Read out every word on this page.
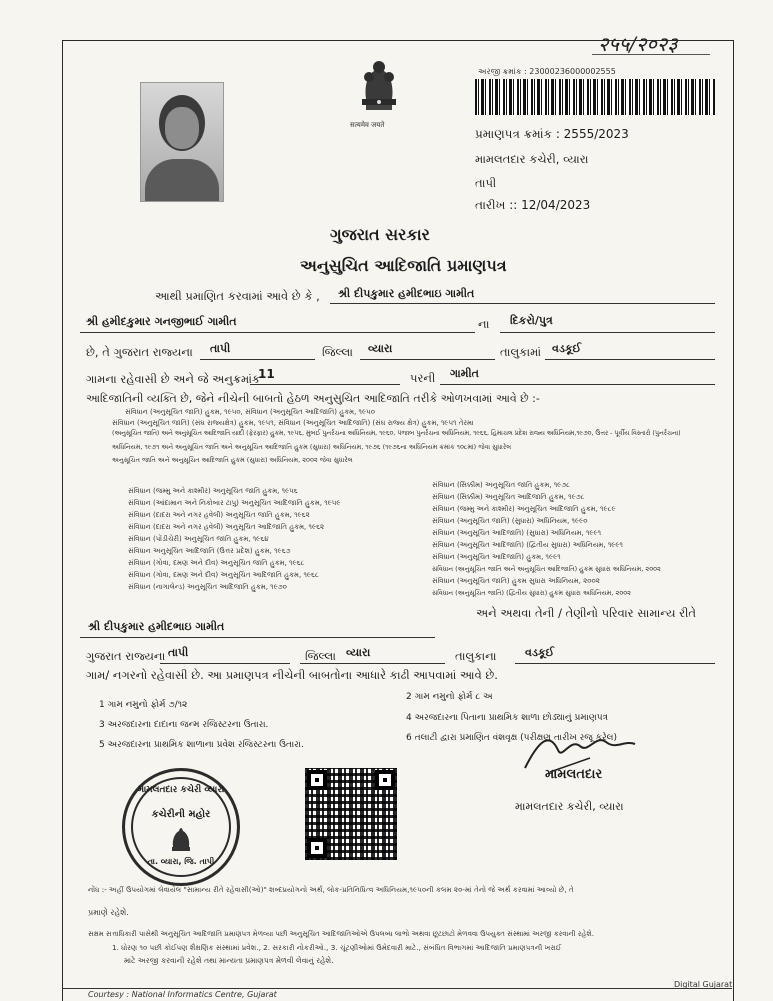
२५५/२०२३
सत्यमेव जयते
અરજી ક્રમાંક : 23000236000002555
પ્રમાણપત્ર ક્રમાંક : 2555/2023
મામલતદાર કચેરી, વ્યારા
તાપી
તારીખ :: 12/04/2023
ગુજરાત સરકાર
અનુસુચિત આદિજાતિ પ્રમાણપત્ર
આથી પ્રમાણિત કરવામાં આવે છે કે , શ્રી દીપકુમાર હમીદભાઇ ગામીત
શ્રી હમીદકુમાર ગનજીભાઈ ગામીત	ના દિકરો/પુત્ર
છે, તે ગુજરાત રાજ્યના તાપી	જિલ્લા વ્યારા	તાલુકામાં વડકૂઈ
ગામના રહેવાસી છે અને જે અનુક્રમાંક
11	પરની ગામીત
આદિજાતિની વ્યક્તિ છે, જેને નીચેની બાબતો હેઠળ અનુસુચિત આદિજાતિ તરીકે ઓળખવામાં આવે છે :-
સંવિધાન (અનુસૂચિત જાતિ) હુકમ, ૧૯૫૦, સંવિધાન (અનુસૂચિત આદિજાતિ) હુકમ, ૧૯૫૦
સંવિધાન (અનુસૂચિત જાતિ) (સંઘ રાજ્યક્ષેત્ર) હુકમ, ૧૯૫૧, સંવિધાન (અનુસૂચિત આદિજાતિ) (સંઘ રાજ્ય ક્ષેત્ર) હુકમ, ૧૯૫૧ તેરમા
(અનુસૂચિત જાતિ) અને અનુસૂચિત આદિજાતિ યાદી (ફેરફાર) હુકમ, ૧૯૫૬, મુંબઈ પુનર્રચના અધિનિયમ, ૧૯૬૦, પંજાબ પુનર્રચના અધિનિયમ, ૧૯૬૬, હિમાચલ પ્રદેશ રાજ્ય અધિનિયમ,૧૯૭૦, ઉત્તર - પૂર્વીય વિસ્તારો (પુનર્રચના)
અધિનિયમ, ૧૯૭૧ અને અનુસૂચિત જાતિ અને અનુસૂચિત આદિજાતિ હુકમ (સુધારા) અધિનિયમ, ૧૯૭૬ (૧૯૭૬ના અધિનિયમ ક્રમાંક ૧૦૮માં) જેવા સુધારેલ
અનુસૂચિત જાતિ અને અનુસૂચિત આદિજાતિ હુકમ (સુધારા) અધિનિયમ, ૨૦૦૨ જેવા સુધારેલ
સંવિધાન (જમ્મુ અને કાશ્મીર) અનુસૂચિત જાતિ હુકમ, ૧૯૫૬
સંવિધાન (આંદામાન અને નિકોબાર ટાપુ) અનુસૂચિત આદિજાતિ હુકમ, ૧૯૫૯
સંવિધાન (દાદરા અને નગર હવેલી) અનુસૂચિત જાતિ હુકમ, ૧૯૬૨
સંવિધાન (દાદરા અને નગર હવેલી) અનુસૂચિત આદિજાતિ હુકમ, ૧૯૬૨
સંવિધાન (પોંડીચેરી) અનુસૂચિત જાતિ હુકમ, ૧૯૬૪
સંવિધાન અનુસૂચિત આદિજાતિ (ઉત્તર પ્રદેશ) હુકમ, ૧૯૬૭
સંવિધાન (ગોવા, દમણ અને દીવ) અનુસૂચિત જાતિ હુકમ, ૧૯૬૮
સંવિધાન (ગોવા, દમણ અને દીવ) અનુસૂચિત આદિજાતિ હુકમ, ૧૯૬૮
સંવિધાન (નાગાલેન્ડ) અનુસૂચિત આદિજાતિ હુકમ, ૧૯૭૦
સંવિધાન (સિક્કીમ) અનુસૂચિત જાતિ હુકમ, ૧૯૭૮
સંવિધાન (સિક્કીમ) અનુસૂચિત આદિજાતિ હુકમ, ૧૯૭૮
સંવિધાન (જમ્મુ અને કાશ્મીર) અનુસૂચિત આદિજાતિ હુકમ, ૧૯૮૯
સંવિધાન (અનુસૂચિત જાતિ) (સુધારા) અધિનિયમ, ૧૯૯૦
સંવિધાન (અનુસૂચિત આદિજાતિ) (સુધારા) અધિનિયમ, ૧૯૯૧
સંવિધાન (અનુસૂચિત આદિજાતિ) (દ્વિતીય સુધારા) અધિનિયમ, ૧૯૯૧
સંવિધાન (અનુસૂચિત આદિજાતિ) હુકમ, ૧૯૯૧
સંવિધાન (અનુસૂચિત જાતિ અને અનુસૂચિત આદિજાતિ) હુકમ સુધારા અધિનિયમ, ૨૦૦૨
સંવિધાન (અનુસૂચિત જાતિ) હુકમ સુધારા અધિનિયમ, ૨૦૦૨
સંવિધાન (અનુસૂચિત જાતિ) (દ્વિતીય સુધારા) હુકમ સુધારા અધિનિયમ, ૨૦૦૨
અને અથવા તેની / તેણીનો પરિવાર સામાન્ય રીતે
શ્રી દીપકુમાર હમીદભાઇ ગામીત
ગુજરાત રાજ્યના તાપી	જિલ્લા વ્યારા	તાલુકાના	વડકૂઈ
ગામ/ નગરનો રહેવાસી છે. આ પ્રમાણપત્ર નીચેની બાબતોના આધારે કાઢી આપવામાં આવે છે.
1 ગામ નમુનો ફોર્મ ૭/૧૨
3 અરજદારના દાદાના જન્મ રજિસ્ટરના ઉતારા.
5 અરજદારના પ્રાથમિક શાળાના પ્રવેશ રજિસ્ટરના ઉતારા.
2 ગામ નમુનો ફોર્મ ૮ અ
4 અરજદારના પિતાના પ્રાથમિક શાળા છોડ્યાનું પ્રમાણપત્ર
6 તલાટી દ્વારા પ્રમાણિત વંશવૃક્ષ (પરીક્ષણ તારીખ રજૂ કરેલ)
મામલતદાર કચેરી વ્યારા
કચેરીની મહોર
તા. વ્યારા, જિ. તાપી
મામલતદાર
મામલતદાર કચેરી, વ્યારા
નોંધ :- અહીં ઉપયોગમાં લેવાયેલ "સામાન્ય રીતે રહેવાસી(ઓ)" શબ્દપ્રયોગનો અર્થ, લોક-પ્રતિનિધિત્વ અધિનિયમ,૧૯૫૦ની કલમ ૨૦-માં તેનો જે અર્થ કરવામાં આવ્યો છે, તે
પ્રમાણે રહેશે.
સક્ષમ સત્તાધિકારી પાસેથી અનુસૂચિત આદિજાતિ પ્રમાણપત્ર મેળવ્યા પછી અનુસૂચિત આદિજાતિઓએ ઉપલબ્ધ લાભો અથવા છૂટછાટો મેળવવા ઉપયુક્ત સંસ્થામાં અરજી કરવાની રહેશે.
1. ધોરણ ૧૦ પછી કોઈપણ શૈક્ષણિક સંસ્થામાં પ્રવેશ., 2. સરકારી નોકરીઓ., 3. ચૂંટણીઓમાં ઉમેદવારી માટે., સંબંધિત વિભાગમાં આદિજાતિ પ્રમાણપત્રની ખરાઈ
માટે અરજી કરવાની રહેશે તથા માન્યતા પ્રમાણપત્ર મેળવી લેવાનું રહેશે.
Digital Gujarat
Courtesy : National Informatics Centre, Gujarat
